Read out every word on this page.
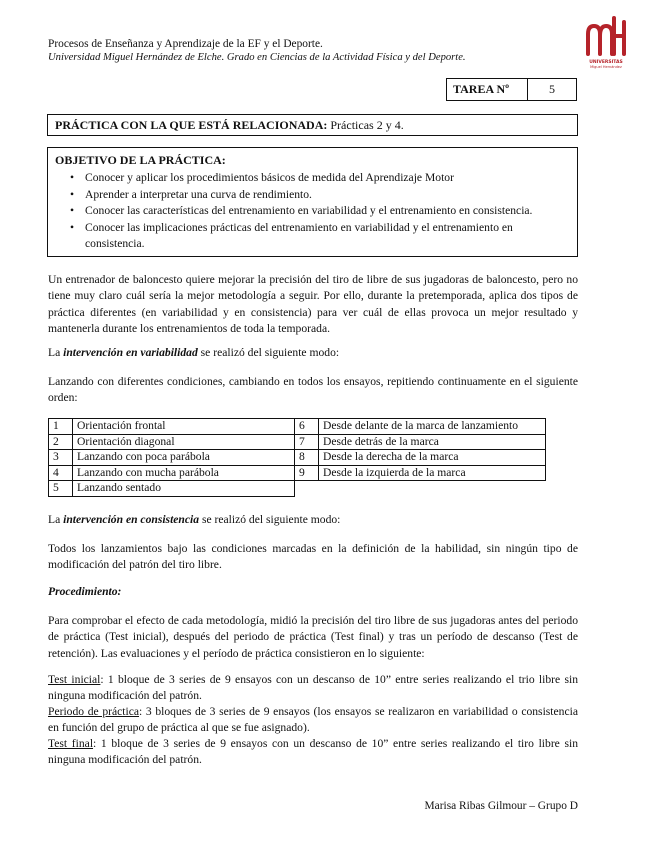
Procesos de Enseñanza y Aprendizaje de la EF y el Deporte.
Universidad Miguel Hernández de Elche. Grado en Ciencias de la Actividad Física y del Deporte.	UNIVERSITAS
Miguel Hernández
TAREA Nº	5
PRÁCTICA CON LA QUE ESTÁ RELACIONADA: Prácticas 2 y 4.
OBJETIVO DE LA PRÁCTICA:
• Conocer y aplicar los procedimientos básicos de medida del Aprendizaje Motor
• Aprender a interpretar una curva de rendimiento.
• Conocer las características del entrenamiento en variabilidad y el entrenamiento en consistencia.
• Conocer las implicaciones prácticas del entrenamiento en variabilidad y el entrenamiento en consistencia.
Un entrenador de baloncesto quiere mejorar la precisión del tiro de libre de sus jugadoras de baloncesto, pero no tiene muy claro cuál sería la mejor metodología a seguir. Por ello, durante la pretemporada, aplica dos tipos de práctica diferentes (en variabilidad y en consistencia) para ver cuál de ellas provoca un mejor resultado y mantenerla durante los entrenamientos de toda la temporada.
La intervención en variabilidad se realizó del siguiente modo:
Lanzando con diferentes condiciones, cambiando en todos los ensayos, repitiendo continuamente en el siguiente orden:
1	Orientación frontal	6	Desde delante de la marca de lanzamiento
2	Orientación diagonal	7	Desde detrás de la marca
3	Lanzando con poca parábola	8	Desde la derecha de la marca
4	Lanzando con mucha parábola	9	Desde la izquierda de la marca
5	Lanzando sentado		
La intervención en consistencia se realizó del siguiente modo:
Todos los lanzamientos bajo las condiciones marcadas en la definición de la habilidad, sin ningún tipo de modificación del patrón del tiro libre.
Procedimiento:
Para comprobar el efecto de cada metodología, midió la precisión del tiro libre de sus jugadoras antes del periodo de práctica (Test inicial), después del periodo de práctica (Test final) y tras un período de descanso (Test de retención). Las evaluaciones y el período de práctica consistieron en lo siguiente:
Test inicial: 1 bloque de 3 series de 9 ensayos con un descanso de 10” entre series realizando el trio libre sin ninguna modificación del patrón.
Periodo de práctica: 3 bloques de 3 series de 9 ensayos (los ensayos se realizaron en variabilidad o consistencia en función del grupo de práctica al que se fue asignado).
Test final: 1 bloque de 3 series de 9 ensayos con un descanso de 10” entre series realizando el tiro libre sin ninguna modificación del patrón.
Marisa Ribas Gilmour – Grupo D
